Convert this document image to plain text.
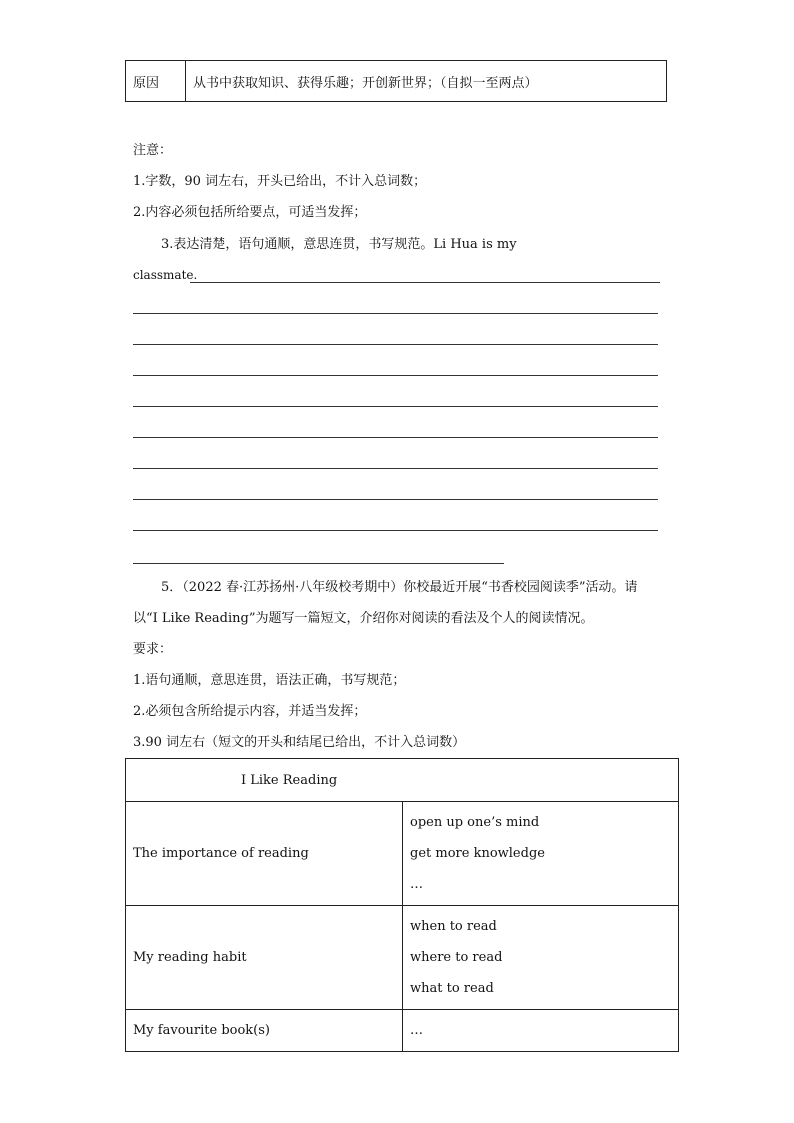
原因	从书中获取知识、获得乐趣；开创新世界；（自拟一至两点）
注意：
1.字数，90 词左右，开头已给出，不计入总词数；
2.内容必须包括所给要点，可适当发挥；
3.表达清楚，语句通顺，意思连贯，书写规范。Li Hua is my
classmate.
5．（2022 春·江苏扬州·八年级校考期中）你校最近开展“书香校园阅读季”活动。请
以“I Like Reading”为题写一篇短文，介绍你对阅读的看法及个人的阅读情况。
要求：
1.语句通顺，意思连贯，语法正确，书写规范；
2.必须包含所给提示内容，并适当发挥；
3.90 词左右（短文的开头和结尾已给出，不计入总词数）
I Like Reading	
The importance of reading	open up one’s mind
get more knowledge
…

My reading habit	when to read
where to read
what to read

My favourite book(s)	…
